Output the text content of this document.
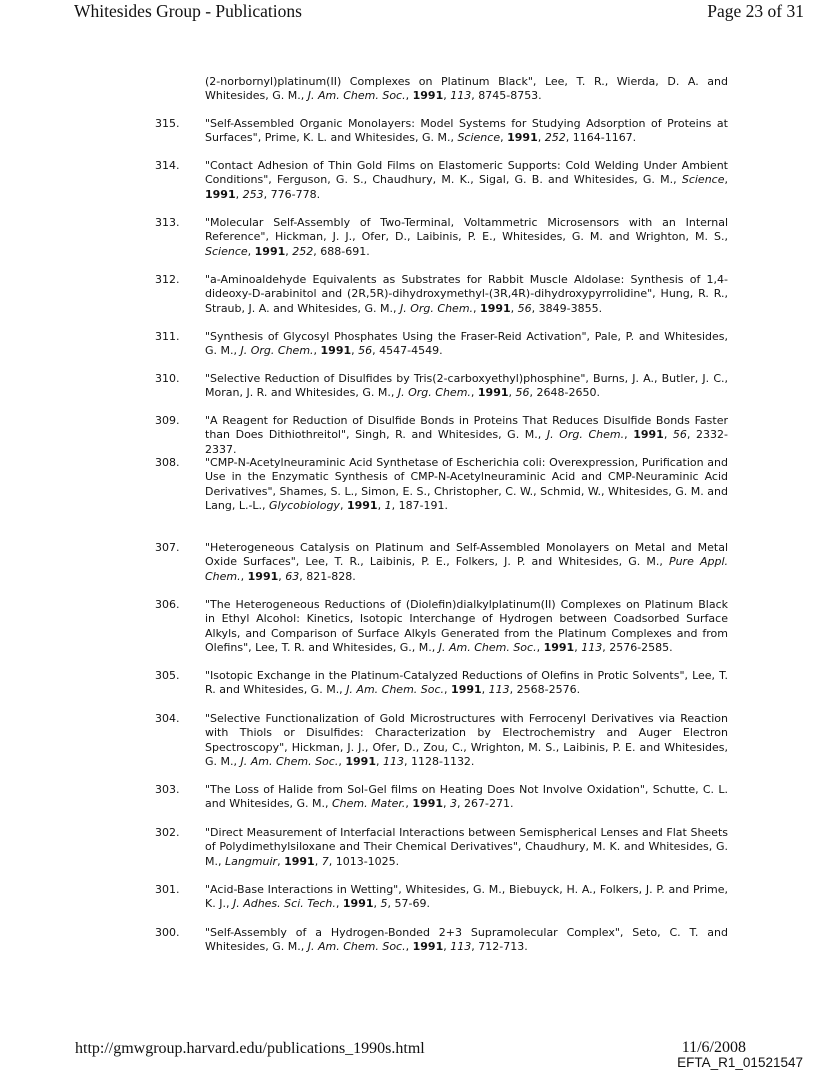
Whitesides Group - Publications	Page 23 of 31
(2-norbornyl)platinum(II) Complexes on Platinum Black", Lee, T. R., Wierda, D. A. and Whitesides, G. M., J. Am. Chem. Soc., 1991, 113, 8745-8753.
315. "Self-Assembled Organic Monolayers: Model Systems for Studying Adsorption of Proteins at Surfaces", Prime, K. L. and Whitesides, G. M., Science, 1991, 252, 1164-1167.
314. "Contact Adhesion of Thin Gold Films on Elastomeric Supports: Cold Welding Under Ambient Conditions", Ferguson, G. S., Chaudhury, M. K., Sigal, G. B. and Whitesides, G. M., Science, 1991, 253, 776-778.
313. "Molecular Self-Assembly of Two-Terminal, Voltammetric Microsensors with an Internal Reference", Hickman, J. J., Ofer, D., Laibinis, P. E., Whitesides, G. M. and Wrighton, M. S., Science, 1991, 252, 688-691.
312. "a-Aminoaldehyde Equivalents as Substrates for Rabbit Muscle Aldolase: Synthesis of 1,4-dideoxy-D-arabinitol and (2R,5R)-dihydroxymethyl-(3R,4R)-dihydroxypyrrolidine", Hung, R. R., Straub, J. A. and Whitesides, G. M., J. Org. Chem., 1991, 56, 3849-3855.
311. "Synthesis of Glycosyl Phosphates Using the Fraser-Reid Activation", Pale, P. and Whitesides, G. M., J. Org. Chem., 1991, 56, 4547-4549.
310. "Selective Reduction of Disulfides by Tris(2-carboxyethyl)phosphine", Burns, J. A., Butler, J. C., Moran, J. R. and Whitesides, G. M., J. Org. Chem., 1991, 56, 2648-2650.
309. "A Reagent for Reduction of Disulfide Bonds in Proteins That Reduces Disulfide Bonds Faster than Does Dithiothreitol", Singh, R. and Whitesides, G. M., J. Org. Chem., 1991, 56, 2332-2337.
308. "CMP-N-Acetylneuraminic Acid Synthetase of Escherichia coli: Overexpression, Purification and Use in the Enzymatic Synthesis of CMP-N-Acetylneuraminic Acid and CMP-Neuraminic Acid Derivatives", Shames, S. L., Simon, E. S., Christopher, C. W., Schmid, W., Whitesides, G. M. and Lang, L.-L., Glycobiology, 1991, 1, 187-191.
307. "Heterogeneous Catalysis on Platinum and Self-Assembled Monolayers on Metal and Metal Oxide Surfaces", Lee, T. R., Laibinis, P. E., Folkers, J. P. and Whitesides, G. M., Pure Appl. Chem., 1991, 63, 821-828.
306. "The Heterogeneous Reductions of (Diolefin)dialkylplatinum(II) Complexes on Platinum Black in Ethyl Alcohol: Kinetics, Isotopic Interchange of Hydrogen between Coadsorbed Surface Alkyls, and Comparison of Surface Alkyls Generated from the Platinum Complexes and from Olefins", Lee, T. R. and Whitesides, G., M., J. Am. Chem. Soc., 1991, 113, 2576-2585.
305. "Isotopic Exchange in the Platinum-Catalyzed Reductions of Olefins in Protic Solvents", Lee, T. R. and Whitesides, G. M., J. Am. Chem. Soc., 1991, 113, 2568-2576.
304. "Selective Functionalization of Gold Microstructures with Ferrocenyl Derivatives via Reaction with Thiols or Disulfides: Characterization by Electrochemistry and Auger Electron Spectroscopy", Hickman, J. J., Ofer, D., Zou, C., Wrighton, M. S., Laibinis, P. E. and Whitesides, G. M., J. Am. Chem. Soc., 1991, 113, 1128-1132.
303. "The Loss of Halide from Sol-Gel films on Heating Does Not Involve Oxidation", Schutte, C. L. and Whitesides, G. M., Chem. Mater., 1991, 3, 267-271.
302. "Direct Measurement of Interfacial Interactions between Semispherical Lenses and Flat Sheets of Polydimethylsiloxane and Their Chemical Derivatives", Chaudhury, M. K. and Whitesides, G. M., Langmuir, 1991, 7, 1013-1025.
301. "Acid-Base Interactions in Wetting", Whitesides, G. M., Biebuyck, H. A., Folkers, J. P. and Prime, K. J., J. Adhes. Sci. Tech., 1991, 5, 57-69.
300. "Self-Assembly of a Hydrogen-Bonded 2+3 Supramolecular Complex", Seto, C. T. and Whitesides, G. M., J. Am. Chem. Soc., 1991, 113, 712-713.
http://gmwgroup.harvard.edu/publications_1990s.html	11/6/2008
EFTA_R1_01521547
